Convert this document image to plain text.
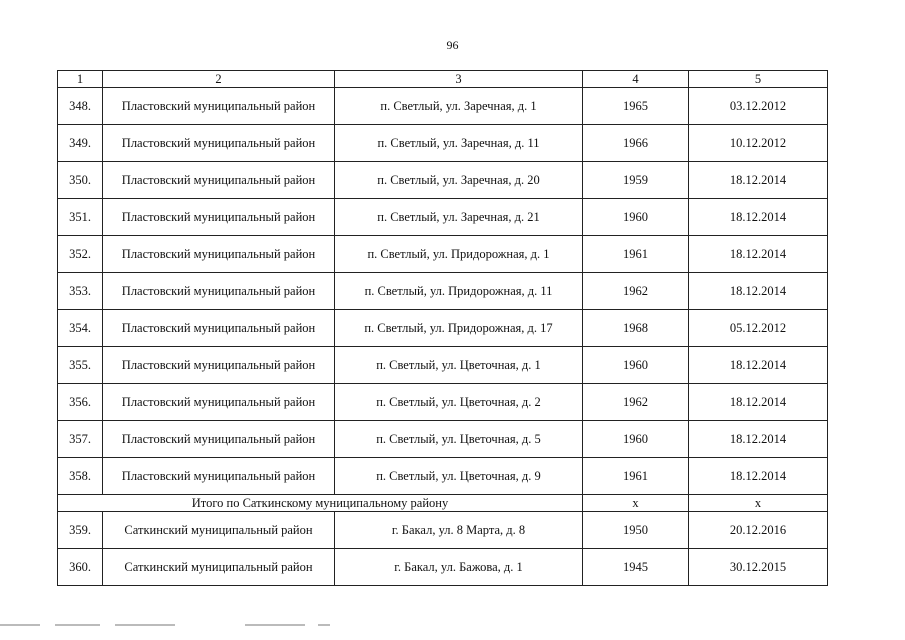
96
1	2	3	4	5
348.	Пластовский муниципальный район	п. Светлый, ул. Заречная, д. 1	1965	03.12.2012
349.	Пластовский муниципальный район	п. Светлый, ул. Заречная, д. 11	1966	10.12.2012
350.	Пластовский муниципальный район	п. Светлый, ул. Заречная, д. 20	1959	18.12.2014
351.	Пластовский муниципальный район	п. Светлый, ул. Заречная, д. 21	1960	18.12.2014
352.	Пластовский муниципальный район	п. Светлый, ул. Придорожная, д. 1	1961	18.12.2014
353.	Пластовский муниципальный район	п. Светлый, ул. Придорожная, д. 11	1962	18.12.2014
354.	Пластовский муниципальный район	п. Светлый, ул. Придорожная, д. 17	1968	05.12.2012
355.	Пластовский муниципальный район	п. Светлый, ул. Цветочная, д. 1	1960	18.12.2014
356.	Пластовский муниципальный район	п. Светлый, ул. Цветочная, д. 2	1962	18.12.2014
357.	Пластовский муниципальный район	п. Светлый, ул. Цветочная, д. 5	1960	18.12.2014
358.	Пластовский муниципальный район	п. Светлый, ул. Цветочная, д. 9	1961	18.12.2014
Итого по Саткинскому муниципальному району			х	х
359.	Саткинский муниципальный район	г. Бакал, ул. 8 Марта, д. 8	1950	20.12.2016
360.	Саткинский муниципальный район	г. Бакал, ул. Бажова, д. 1	1945	30.12.2015
